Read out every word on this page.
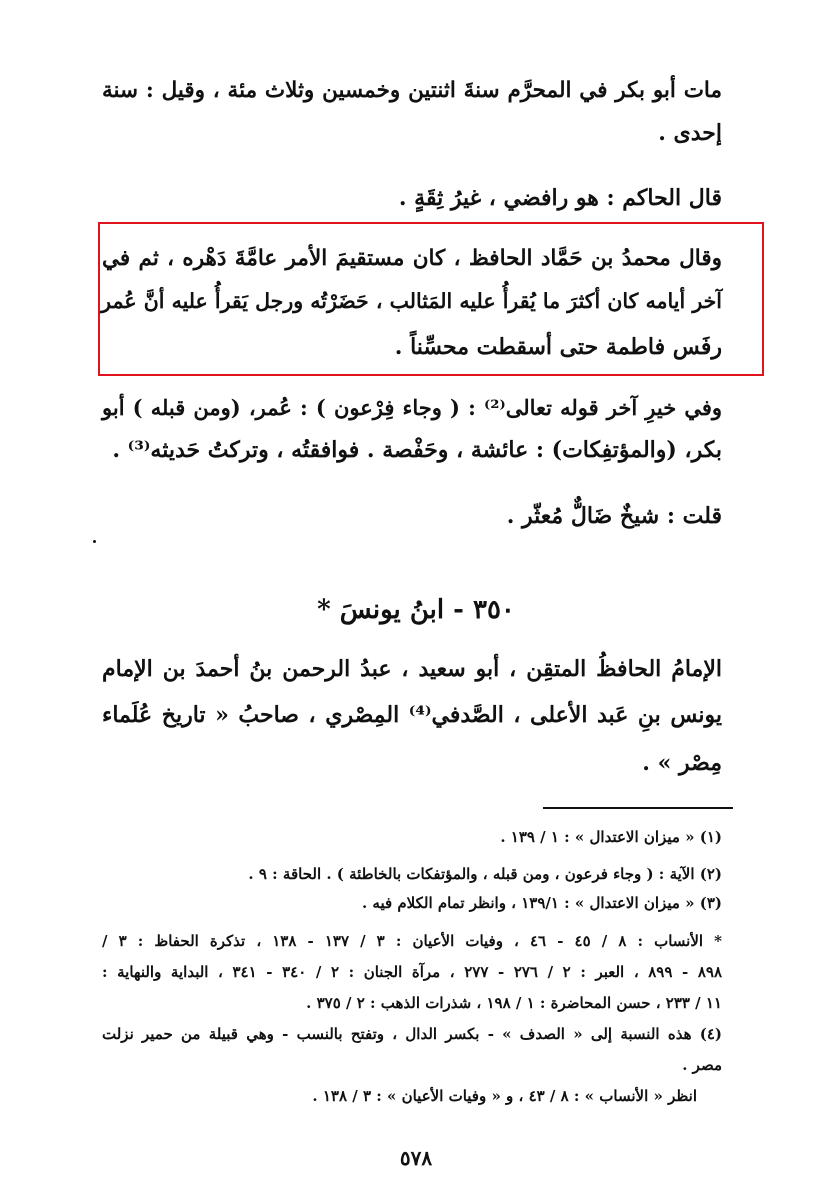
مات أبو بكر في المحرَّم سنةَ اثنتين وخمسين وثلاث مئة ، وقيل : سنة
إحدى .
قال الحاكم : هو رافضي ، غيرُ ثِقَةٍ .
وقال محمدُ بن حَمَّاد الحافظ ، كان مستقيمَ الأمر عامَّةَ دَهْره ، ثم في
آخر أيامه كان أكثرَ ما يُقرأُ عليه المَثالب ، حَضَرْتُه ورجل يَقرأُ عليه أنَّ عُمر
رفَس فاطمة حتى أسقطت محسِّناً .
وفي خيرِ آخر قوله تعالى⁽²⁾ : ( وجاء فِرْعون ) : عُمر، (ومن قبله ) أبو
بكر، (والمؤتفِكات) : عائشة ، وحَفْصة . فوافقتُه ، وتركتُ حَديثه⁽³⁾ .
قلت : شيخٌ ضَالٌّ مُعثّر .
٣٥٠ - ابنُ يونسَ *
الإمامُ الحافظُ المتقِن ، أبو سعيد ، عبدُ الرحمن بنُ أحمدَ بن الإمام
يونس بنِ عَبد الأعلى ، الصَّدفي⁽⁴⁾ المِصْري ، صاحبُ « تاريخ عُلَماء
مِصْر » .
(١) « ميزان الاعتدال » : ١ / ١٣٩ .
(٢) الآية : ( وجاء فرعون ، ومن قبله ، والمؤتفكات بالخاطئة ) . الحاقة : ٩ .
(٣) « ميزان الاعتدال » : ١٣٩/١ ، وانظر تمام الكلام فيه .
* الأنساب : ٨ / ٤٥ - ٤٦ ، وفيات الأعيان : ٣ / ١٣٧ - ١٣٨ ، تذكرة الحفاظ : ٣ /
٨٩٨ - ٨٩٩ ، العبر : ٢ / ٢٧٦ - ٢٧٧ ، مرآة الجنان : ٢ / ٣٤٠ - ٣٤١ ، البداية والنهاية :
١١ / ٢٣٣ ، حسن المحاضرة : ١ / ١٩٨ ، شذرات الذهب : ٢ / ٣٧٥ .
(٤) هذه النسبة إلى « الصدف » - بكسر الدال ، وتفتح بالنسب - وهي قبيلة من حمير نزلت
مصر .
انظر « الأنساب » : ٨ / ٤٣ ، و « وفيات الأعيان » : ٣ / ١٣٨ .
٥٧٨
